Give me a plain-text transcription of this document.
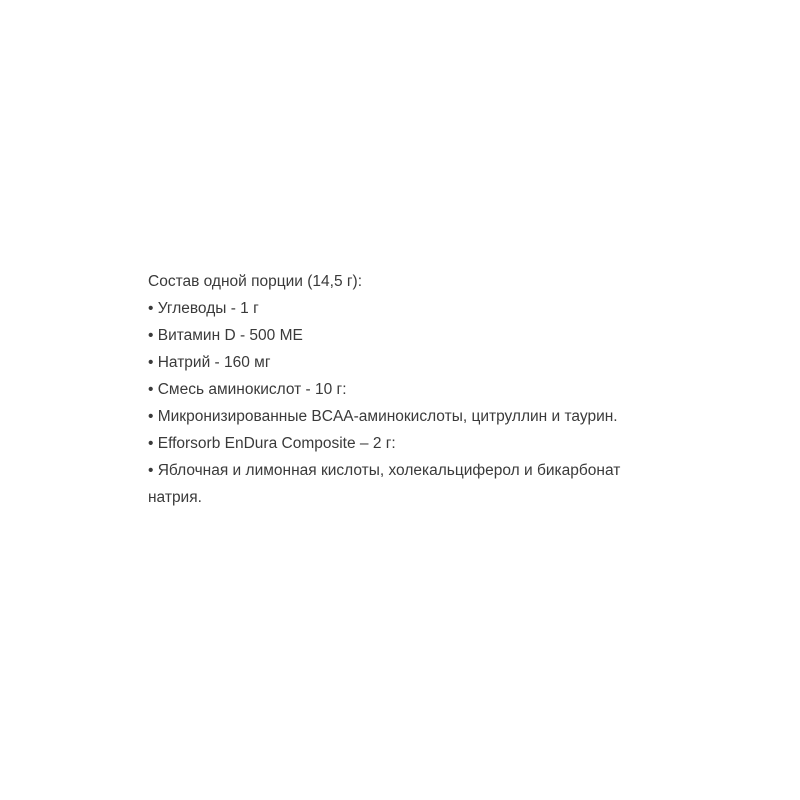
Состав одной порции (14,5 г):
• Углеводы - 1 г
• Витамин D - 500 МЕ
• Натрий - 160 мг
• Смесь аминокислот - 10 г:
• Микронизированные BCAA-аминокислоты, цитруллин и таурин.
• Efforsorb EnDura Composite – 2 г:
• Яблочная и лимонная кислоты, холекальциферол и бикарбонат натрия.
